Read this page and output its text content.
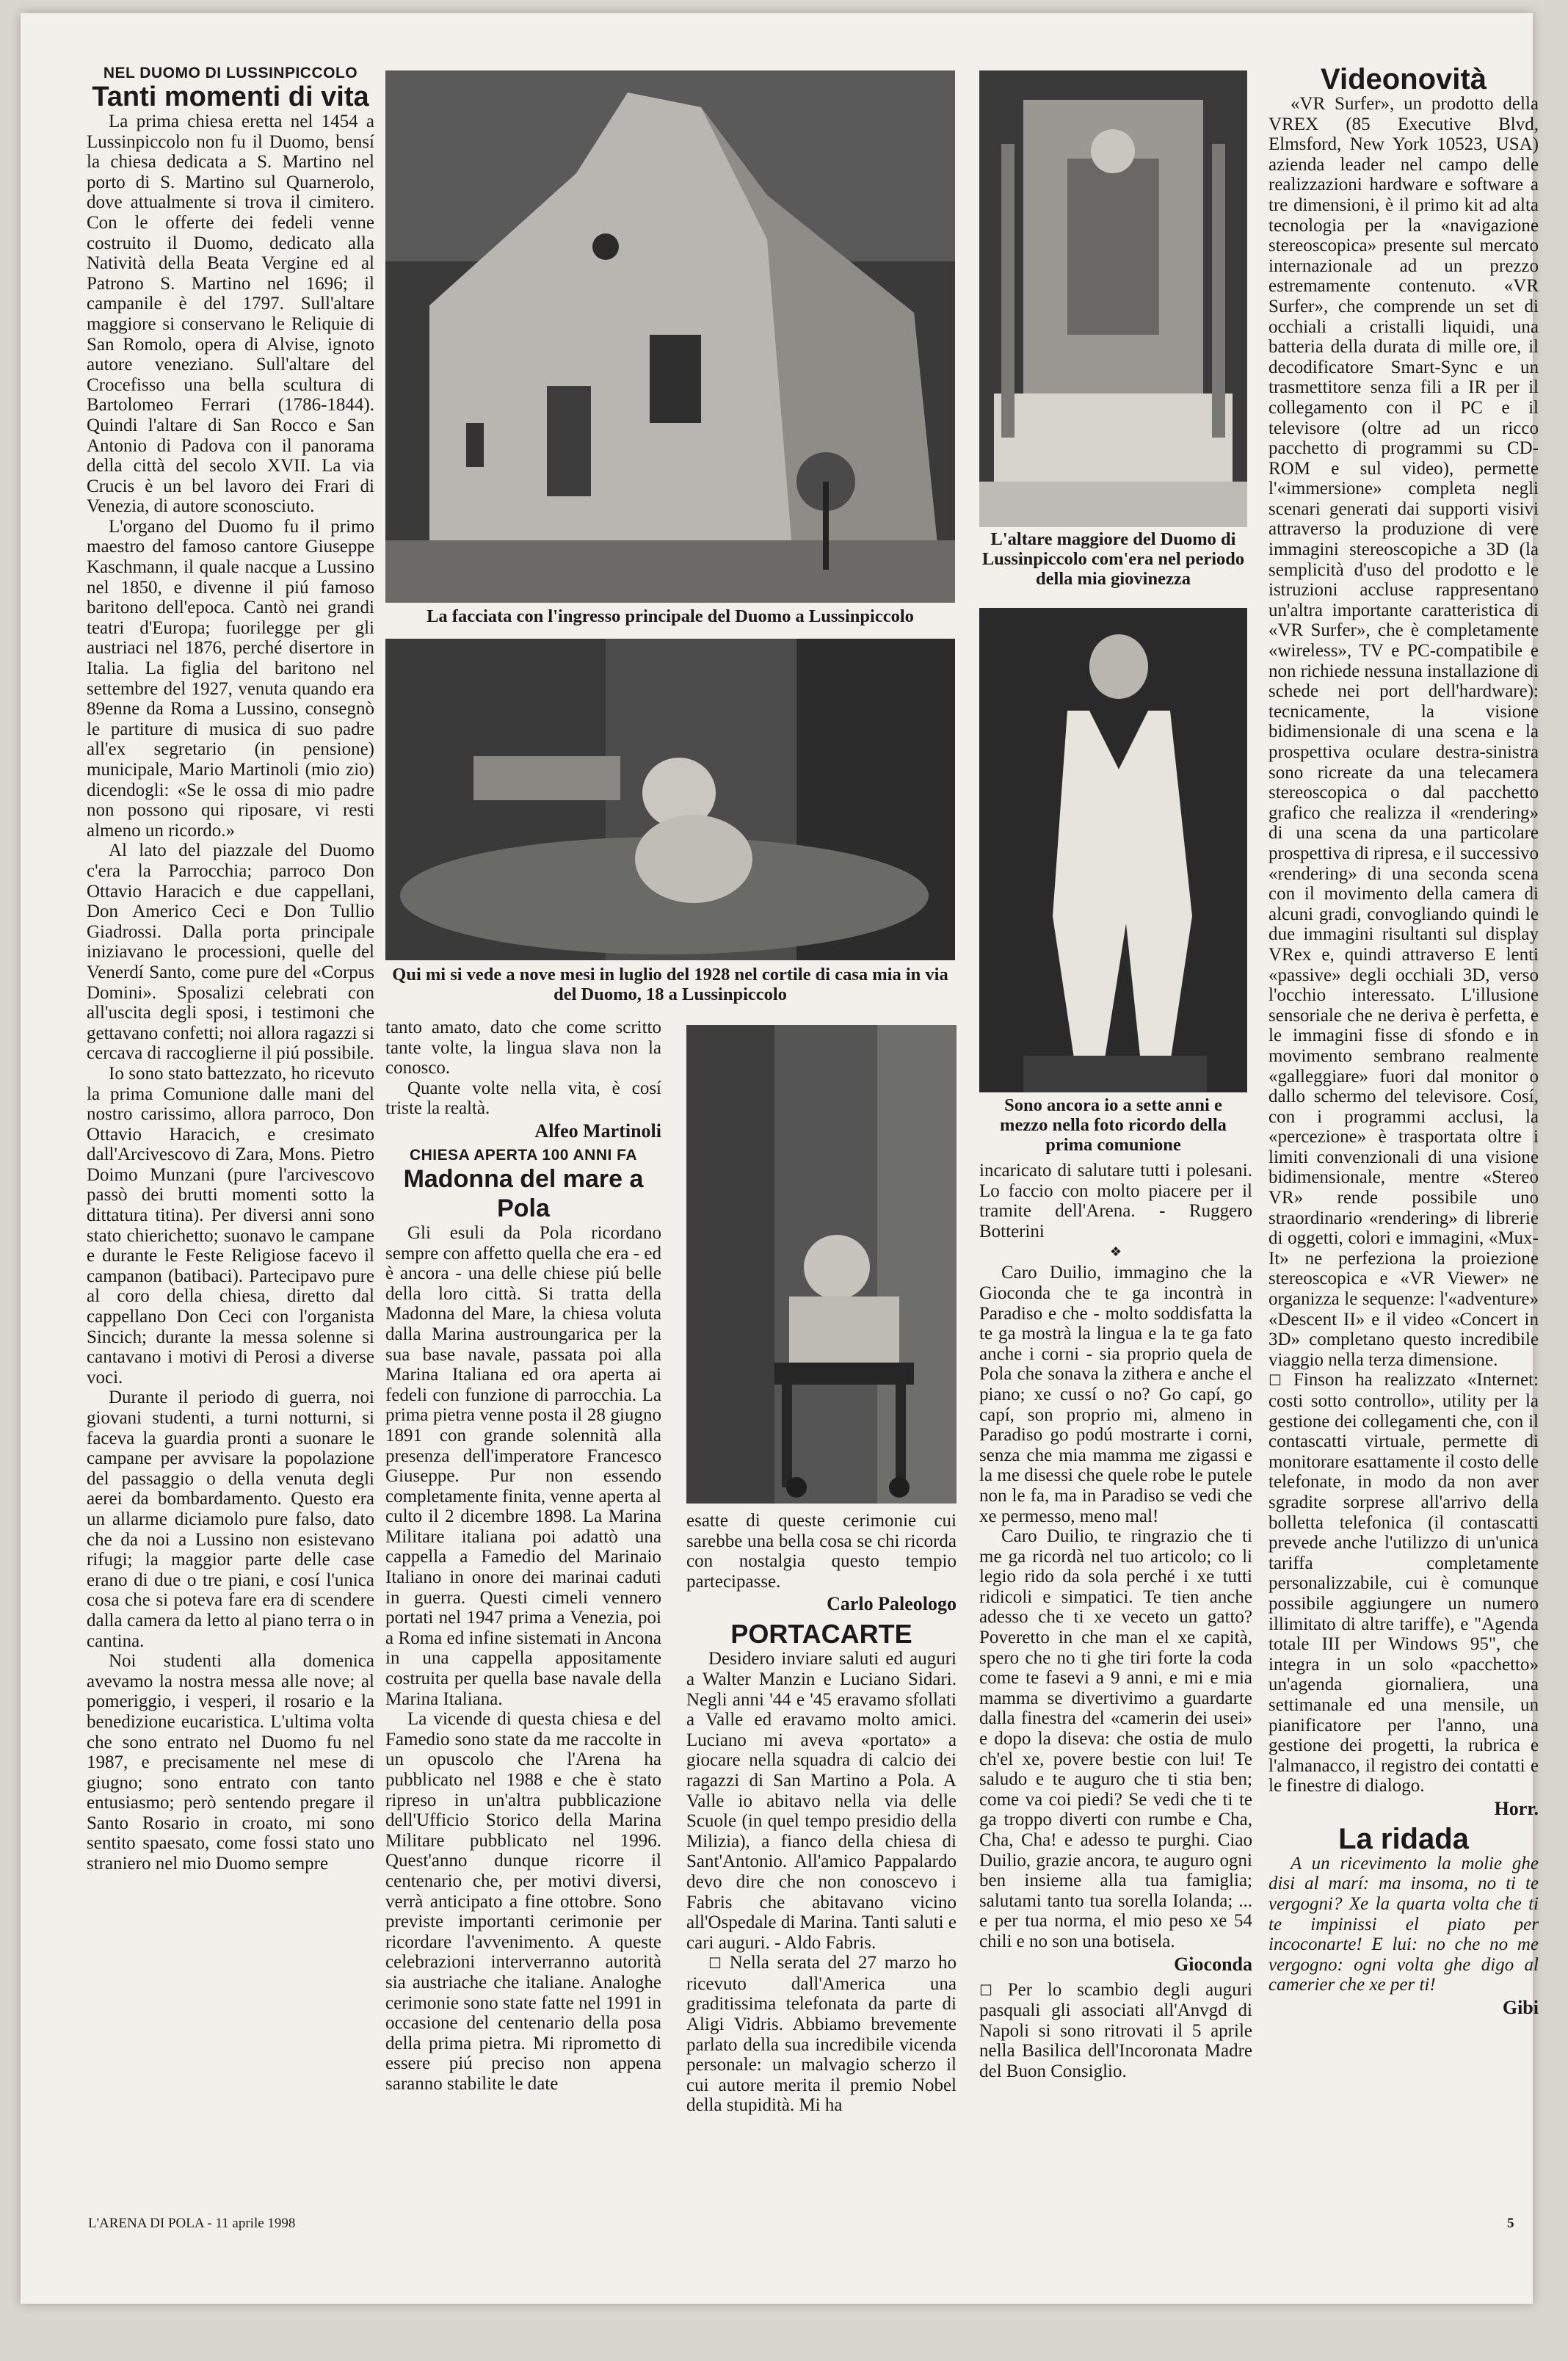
NEL DUOMO DI LUSSINPICCOLO

Tanti momenti di vita

La prima chiesa eretta nel 1454 a Lussinpiccolo non fu il Duomo, bensí la chiesa dedicata a S. Martino nel porto di S. Martino sul Quarnerolo, dove attualmente si trova il cimitero. Con le offerte dei fedeli venne costruito il Duomo, dedicato alla Natività della Beata Vergine ed al Patrono S. Martino nel 1696; il campanile è del 1797. Sull'altare maggiore si conservano le Reliquie di San Romolo, opera di Alvise, ignoto autore veneziano. Sull'altare del Crocefisso una bella scultura di Bartolomeo Ferrari (1786-1844). Quindi l'altare di San Rocco e San Antonio di Padova con il panorama della città del secolo XVII. La via Crucis è un bel lavoro dei Frari di Venezia, di autore sconosciuto.

L'organo del Duomo fu il primo maestro del famoso cantore Giuseppe Kaschmann, il quale nacque a Lussino nel 1850, e divenne il piú famoso baritono dell'epoca. Cantò nei grandi teatri d'Europa; fuorilegge per gli austriaci nel 1876, perché disertore in Italia. La figlia del baritono nel settembre del 1927, venuta quando era 89enne da Roma a Lussino, consegnò le partiture di musica di suo padre all'ex segretario (in pensione) municipale, Mario Martinoli (mio zio) dicendogli: «Se le ossa di mio padre non possono qui riposare, vi resti almeno un ricordo.»

Al lato del piazzale del Duomo c'era la Parrocchia; parroco Don Ottavio Haracich e due cappellani, Don Americo Ceci e Don Tullio Giadrossi. Dalla porta principale iniziavano le processioni, quelle del Venerdí Santo, come pure del «Corpus Domini». Sposalizi celebrati con all'uscita degli sposi, i testimoni che gettavano confetti; noi allora ragazzi si cercava di raccoglierne il piú possibile.

Io sono stato battezzato, ho ricevuto la prima Comunione dalle mani del nostro carissimo, allora parroco, Don Ottavio Haracich, e cresimato dall'Arcivescovo di Zara, Mons. Pietro Doimo Munzani (pure l'arcivescovo passò dei brutti momenti sotto la dittatura titina). Per diversi anni sono stato chierichetto; suonavo le campane e durante le Feste Religiose facevo il campanon (batibaci). Partecipavo pure al coro della chiesa, diretto dal cappellano Don Ceci con l'organista Sincich; durante la messa solenne si cantavano i motivi di Perosi a diverse voci.

Durante il periodo di guerra, noi giovani studenti, a turni notturni, si faceva la guardia pronti a suonare le campane per avvisare la popolazione del passaggio o della venuta degli aerei da bombardamento. Questo era un allarme diciamolo pure falso, dato che da noi a Lussino non esistevano rifugi; la maggior parte delle case erano di due o tre piani, e cosí l'unica cosa che si poteva fare era di scendere dalla camera da letto al piano terra o in cantina.

Noi studenti alla domenica avevamo la nostra messa alle nove; al pomeriggio, i vesperi, il rosario e la benedizione eucaristica. L'ultima volta che sono entrato nel Duomo fu nel 1987, e precisamente nel mese di giugno; sono entrato con tanto entusiasmo; però sentendo pregare il Santo Rosario in croato, mi sono sentito spaesato, come fossi stato uno straniero nel mio Duomo sempre

La facciata con l'ingresso principale del Duomo a Lussinpiccolo

Qui mi si vede a nove mesi in luglio del 1928 nel cortile di casa mia in via del Duomo, 18 a Lussinpiccolo

tanto amato, dato che come scritto tante volte, la lingua slava non la conosco.

Quante volte nella vita, è cosí triste la realtà.

Alfeo Martinoli

CHIESA APERTA 100 ANNI FA

Madonna del mare a Pola

Gli esuli da Pola ricordano sempre con affetto quella che era - ed è ancora - una delle chiese piú belle della loro città. Si tratta della Madonna del Mare, la chiesa voluta dalla Marina austroungarica per la sua base navale, passata poi alla Marina Italiana ed ora aperta ai fedeli con funzione di parrocchia. La prima pietra venne posta il 28 giugno 1891 con grande solennità alla presenza dell'imperatore Francesco Giuseppe. Pur non essendo completamente finita, venne aperta al culto il 2 dicembre 1898. La Marina Militare italiana poi adattò una cappella a Famedio del Marinaio Italiano in onore dei marinai caduti in guerra. Questi cimeli vennero portati nel 1947 prima a Venezia, poi a Roma ed infine sistemati in Ancona in una cappella appositamente costruita per quella base navale della Marina Italiana.

La vicende di questa chiesa e del Famedio sono state da me raccolte in un opuscolo che l'Arena ha pubblicato nel 1988 e che è stato ripreso in un'altra pubblicazione dell'Ufficio Storico della Marina Militare pubblicato nel 1996. Quest'anno dunque ricorre il centenario che, per motivi diversi, verrà anticipato a fine ottobre. Sono previste importanti cerimonie per ricordare l'avvenimento. A queste celebrazioni interverranno autorità sia austriache che italiane. Analoghe cerimonie sono state fatte nel 1991 in occasione del centenario della posa della prima pietra. Mi riprometto di essere piú preciso non appena saranno stabilite le date

esatte di queste cerimonie cui sarebbe una bella cosa se chi ricorda con nostalgia questo tempio partecipasse.

Carlo Paleologo

PORTACARTE

Desidero inviare saluti ed auguri a Walter Manzin e Luciano Sidari. Negli anni '44 e '45 eravamo sfollati a Valle ed eravamo molto amici. Luciano mi aveva «portato» a giocare nella squadra di calcio dei ragazzi di San Martino a Pola. A Valle io abitavo nella via delle Scuole (in quel tempo presidio della Milizia), a fianco della chiesa di Sant'Antonio. All'amico Pappalardo devo dire che non conoscevo i Fabris che abitavano vicino all'Ospedale di Marina. Tanti saluti e cari auguri. - Aldo Fabris.

☐ Nella serata del 27 marzo ho ricevuto dall'America una graditissima telefonata da parte di Aligi Vidris. Abbiamo brevemente parlato della sua incredibile vicenda personale: un malvagio scherzo il cui autore merita il premio Nobel della stupidità. Mi ha

L'altare maggiore del Duomo di Lussinpiccolo com'era nel periodo della mia giovinezza

Sono ancora io a sette anni e mezzo nella foto ricordo della prima comunione

incaricato di salutare tutti i polesani. Lo faccio con molto piacere per il tramite dell'Arena. - Ruggero Botterini

❖

Caro Duilio, immagino che la Gioconda che te ga incontrà in Paradiso e che - molto soddisfatta la te ga mostrà la lingua e la te ga fato anche i corni - sia proprio quela de Pola che sonava la zithera e anche el piano; xe cussí o no? Go capí, go capí, son proprio mi, almeno in Paradiso go podú mostrarte i corni, senza che mia mamma me zigassi e la me disessi che quele robe le putele non le fa, ma in Paradiso se vedi che xe permesso, meno mal!

Caro Duilio, te ringrazio che ti me ga ricordà nel tuo articolo; co li legio rido da sola perché i xe tutti ridicoli e simpatici. Te tien anche adesso che ti xe veceto un gatto? Poveretto in che man el xe capità, spero che no ti ghe tiri forte la coda come te fasevi a 9 anni, e mi e mia mamma se divertivimo a guardarte dalla finestra del «camerin dei usei» e dopo la diseva: che ostia de mulo ch'el xe, povere bestie con lui! Te saludo e te auguro che ti stia ben; come va coi piedi? Se vedi che ti te ga troppo diverti con rumbe e Cha, Cha, Cha! e adesso te purghi. Ciao Duilio, grazie ancora, te auguro ogni ben insieme alla tua famiglia; salutami tanto tua sorella Iolanda; ... e per tua norma, el mio peso xe 54 chili e no son una botisela.

Gioconda

☐ Per lo scambio degli auguri pasquali gli associati all'Anvgd di Napoli si sono ritrovati il 5 aprile nella Basilica dell'Incoronata Madre del Buon Consiglio.

Videonovità

«VR Surfer», un prodotto della VREX (85 Executive Blvd, Elmsford, New York 10523, USA) azienda leader nel campo delle realizzazioni hardware e software a tre dimensioni, è il primo kit ad alta tecnologia per la «navigazione stereoscopica» presente sul mercato internazionale ad un prezzo estremamente contenuto. «VR Surfer», che comprende un set di occhiali a cristalli liquidi, una batteria della durata di mille ore, il decodificatore Smart-Sync e un trasmettitore senza fili a IR per il collegamento con il PC e il televisore (oltre ad un ricco pacchetto di programmi su CD-ROM e sul video), permette l'«immersione» completa negli scenari generati dai supporti visivi attraverso la produzione di vere immagini stereoscopiche a 3D (la semplicità d'uso del prodotto e le istruzioni accluse rappresentano un'altra importante caratteristica di «VR Surfer», che è completamente «wireless», TV e PC-compatibile e non richiede nessuna installazione di schede nei port dell'hardware): tecnicamente, la visione bidimensionale di una scena e la prospettiva oculare destra-sinistra sono ricreate da una telecamera stereoscopica o dal pacchetto grafico che realizza il «rendering» di una scena da una particolare prospettiva di ripresa, e il successivo «rendering» di una seconda scena con il movimento della camera di alcuni gradi, convogliando quindi le due immagini risultanti sul display VRex e, quindi attraverso E lenti «passive» degli occhiali 3D, verso l'occhio interessato. L'illusione sensoriale che ne deriva è perfetta, e le immagini fisse di sfondo e in movimento sembrano realmente «galleggiare» fuori dal monitor o dallo schermo del televisore. Cosí, con i programmi acclusi, la «percezione» è trasportata oltre i limiti convenzionali di una visione bidimensionale, mentre «Stereo VR» rende possibile uno straordinario «rendering» di librerie di oggetti, colori e immagini, «Mux-It» ne perfeziona la proiezione stereoscopica e «VR Viewer» ne organizza le sequenze: l'«adventure» «Descent II» e il video «Concert in 3D» completano questo incredibile viaggio nella terza dimensione.

☐ Finson ha realizzato «Internet: costi sotto controllo», utility per la gestione dei collegamenti che, con il contascatti virtuale, permette di monitorare esattamente il costo delle telefonate, in modo da non aver sgradite sorprese all'arrivo della bolletta telefonica (il contascatti prevede anche l'utilizzo di un'unica tariffa completamente personalizzabile, cui è comunque possibile aggiungere un numero illimitato di altre tariffe), e "Agenda totale III per Windows 95", che integra in un solo «pacchetto» un'agenda giornaliera, una settimanale ed una mensile, un pianificatore per l'anno, una gestione dei progetti, la rubrica e l'almanacco, il registro dei contatti e le finestre di dialogo.

Horr.

La ridada

A un ricevimento la molie ghe disi al marí: ma insoma, no ti te vergogni? Xe la quarta volta che ti te impinissi el piato per incoconarte! E lui: no che no me vergogno: ogni volta ghe digo al camerier che xe per ti!

Gibi

L'ARENA DI POLA - 11 aprile 1998	5
